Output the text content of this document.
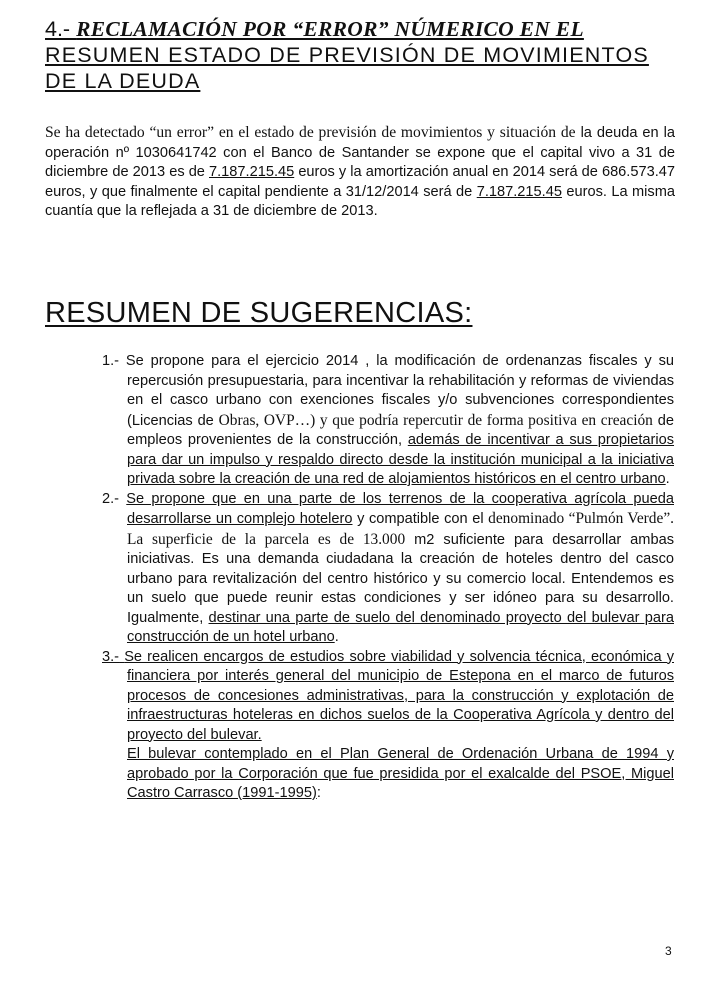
4.- RECLAMACIÓN POR “ERROR” NÚMERICO EN EL
RESUMEN ESTADO DE PREVISIÓN DE MOVIMIENTOS
DE LA DEUDA
Se ha detectado “un error” en el estado de previsión de movimientos y situación de la deuda en la operación nº 1030641742 con el Banco de Santander se expone que el capital vivo a 31 de diciembre de 2013 es de 7.187.215.45 euros y la amortización anual en 2014 será de 686.573.47 euros, y que finalmente el capital pendiente a 31/12/2014 será de 7.187.215.45 euros. La misma cuantía que la reflejada a 31 de diciembre de 2013.
RESUMEN DE SUGERENCIAS:
1.- Se propone para el ejercicio 2014 , la modificación de ordenanzas fiscales y su repercusión presupuestaria, para incentivar la rehabilitación y reformas de viviendas en el casco urbano con exenciones fiscales y/o subvenciones correspondientes (Licencias de Obras, OVP…) y que podría repercutir de forma positiva en creación de empleos provenientes de la construcción, además de incentivar a sus propietarios para dar un impulso y respaldo directo desde la institución municipal a la iniciativa privada sobre la creación de una red de alojamientos históricos en el centro urbano.
2.- Se propone que en una parte de los terrenos de la cooperativa agrícola pueda desarrollarse un complejo hotelero y compatible con el denominado “Pulmón Verde”. La superficie de la parcela es de 13.000 m2 suficiente para desarrollar ambas iniciativas. Es una demanda ciudadana la creación de hoteles dentro del casco urbano para revitalización del centro histórico y su comercio local. Entendemos es un suelo que puede reunir estas condiciones y ser idóneo para su desarrollo. Igualmente, destinar una parte de suelo del denominado proyecto del bulevar para construcción de un hotel urbano.
3.- Se realicen encargos de estudios sobre viabilidad y solvencia técnica, económica y financiera por interés general del municipio de Estepona en el marco de futuros procesos de concesiones administrativas, para la construcción y explotación de infraestructuras hoteleras en dichos suelos de la Cooperativa Agrícola y dentro del proyecto del bulevar.
El bulevar contemplado en el Plan General de Ordenación Urbana de 1994 y aprobado por la Corporación que fue presidida por el exalcalde del PSOE, Miguel Castro Carrasco (1991-1995):
3
